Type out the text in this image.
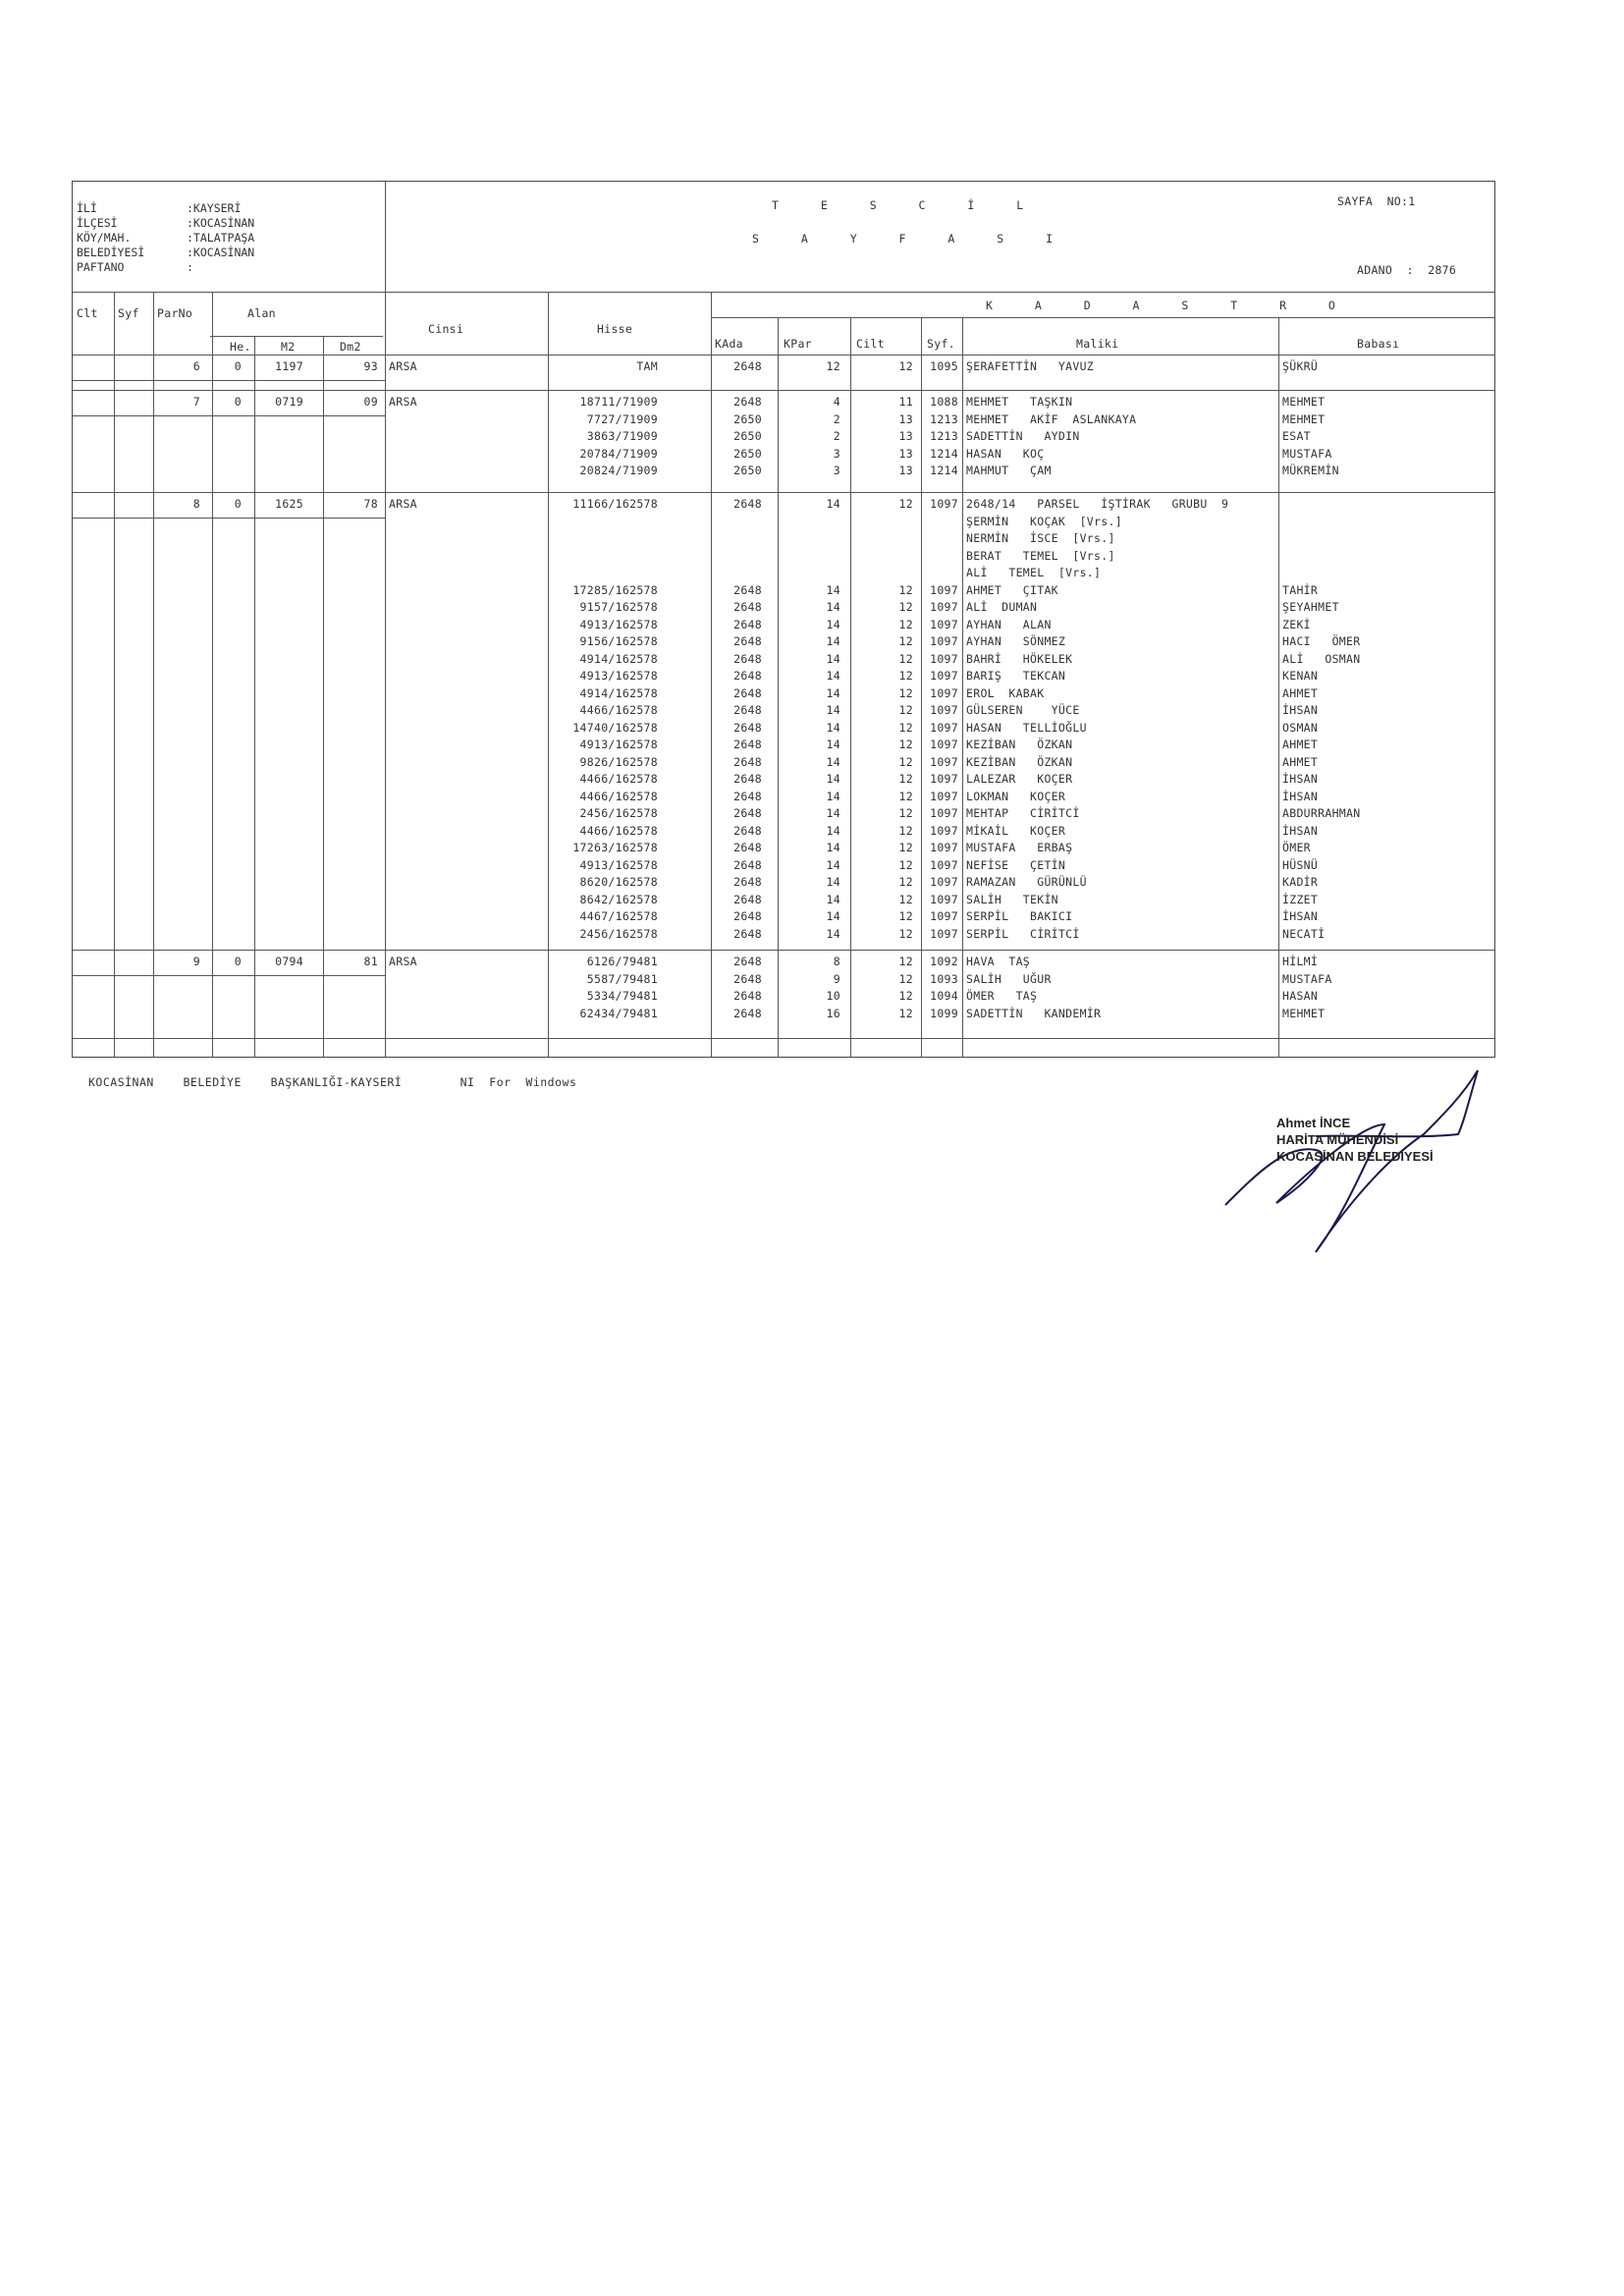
İLİ	:KAYSERİ
İLÇESİ	:KOCASİNAN
KÖY/MAH.	:TALATPAŞA
BELEDİYESİ	:KOCASİNAN
PAFTANO	:
T E S C İ L
S A Y F A S I
SAYFA  NO:1
ADANO  :  2876
Clt Syf ParNo	Alan
He.	M2	Dm2
Cinsi	Hisse
K A D A S T R O
KAda	KPar	Cilt	Syf.	Maliki	Babası
6	0	1197	93 ARSA	TAM	2648	12	12	1095 ŞERAFETTİN   YAVUZ	ŞÜKRÜ
7	0	0719	09 ARSA	18711/71909	2648	4	11	1088 MEHMET   TAŞKIN	MEHMET
7727/71909	2650	2	13	1213 MEHMET   AKİF  ASLANKAYA	MEHMET
3863/71909	2650	2	13	1213 SADETTİN   AYDIN	ESAT
20784/71909	2650	3	13	1214 HASAN   KOÇ	MUSTAFA
20824/71909	2650	3	13	1214 MAHMUT   ÇAM	MÜKREMİN
8	0	1625	78 ARSA	11166/162578	2648	14	12	1097 2648/14   PARSEL   İŞTİRAK   GRUBU  9
ŞERMİN   KOÇAK  [Vrs.]
NERMİN   İSCE  [Vrs.]
BERAT   TEMEL  [Vrs.]
ALİ   TEMEL  [Vrs.]
17285/162578	2648	14	12	1097 AHMET   ÇITAK	TAHİR
9157/162578	2648	14	12	1097 ALİ  DUMAN	ŞEYAHMET
4913/162578	2648	14	12	1097 AYHAN   ALAN	ZEKİ
9156/162578	2648	14	12	1097 AYHAN   SÖNMEZ	HACI   ÖMER
4914/162578	2648	14	12	1097 BAHRİ   HÖKELEK	ALİ   OSMAN
4913/162578	2648	14	12	1097 BARIŞ   TEKCAN	KENAN
4914/162578	2648	14	12	1097 EROL  KABAK	AHMET
4466/162578	2648	14	12	1097 GÜLSEREN    YÜCE	İHSAN
14740/162578	2648	14	12	1097 HASAN   TELLİOĞLU	OSMAN
4913/162578	2648	14	12	1097 KEZİBAN   ÖZKAN	AHMET
9826/162578	2648	14	12	1097 KEZİBAN   ÖZKAN	AHMET
4466/162578	2648	14	12	1097 LALEZAR   KOÇER	İHSAN
4466/162578	2648	14	12	1097 LOKMAN   KOÇER	İHSAN
2456/162578	2648	14	12	1097 MEHTAP   CİRİTCİ	ABDURRAHMAN
4466/162578	2648	14	12	1097 MİKAİL   KOÇER	İHSAN
17263/162578	2648	14	12	1097 MUSTAFA   ERBAŞ	ÖMER
4913/162578	2648	14	12	1097 NEFİSE   ÇETİN	HÜSNÜ
8620/162578	2648	14	12	1097 RAMAZAN   GÜRÜNLÜ	KADİR
8642/162578	2648	14	12	1097 SALİH   TEKİN	İZZET
4467/162578	2648	14	12	1097 SERPİL   BAKICI	İHSAN
2456/162578	2648	14	12	1097 SERPİL   CİRİTCİ	NECATİ
9	0	0794	81 ARSA	6126/79481	2648	8	12	1092 HAVA  TAŞ	HİLMİ
5587/79481	2648	9	12	1093 SALİH   UĞUR	MUSTAFA
5334/79481	2648	10	12	1094 ÖMER   TAŞ	HASAN
62434/79481	2648	16	12	1099 SADETTİN   KANDEMİR	MEHMET
KOCASİNAN    BELEDİYE    BAŞKANLIĞI-KAYSERİ        NI  For  Windows
Ahmet İNCE
HARİTA MÜHENDİSİ
KOCASİNAN BELEDİYESİ
